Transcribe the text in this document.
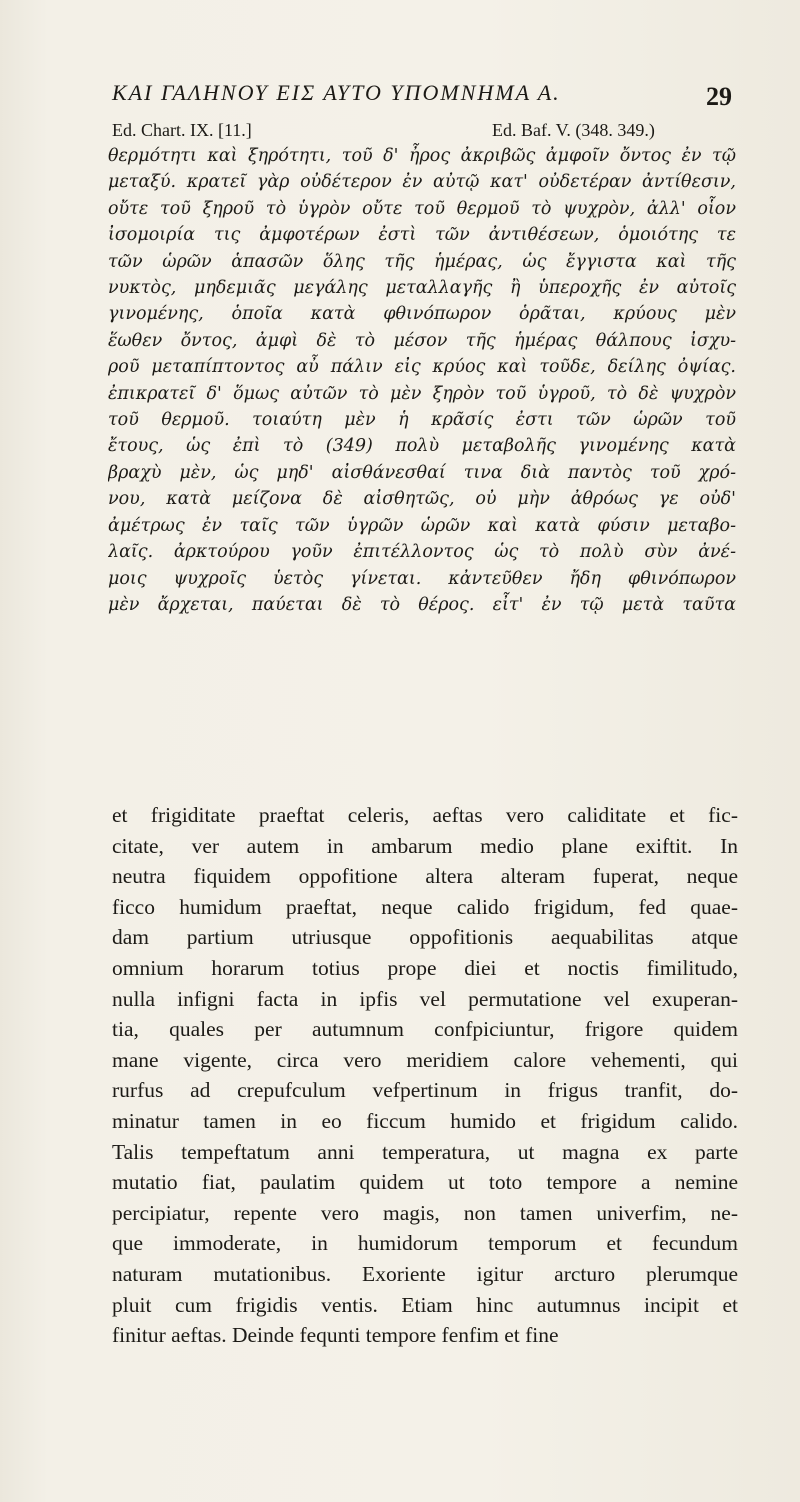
ΚΑΙ ΓΑΛΗΝΟΥ ΕΙΣ ΑΥΤΟ ΥΠΟΜΝΗΜΑ Α.	29
Ed. Chart. IX. [11.]	Ed. Baf. V. (348. 349.)
θερμότητι καὶ ξηρότητι, τοῦ δ' ἦρος ἀκριβῶς ἀμφοῖν ὄντος ἐν τῷ
μεταξύ. κρατεῖ γὰρ οὐδέτερον ἐν αὐτῷ κατ' οὐδετέραν ἀντίθεσιν,
οὔτε τοῦ ξηροῦ τὸ ὑγρὸν οὔτε τοῦ θερμοῦ τὸ ψυχρὸν, ἀλλ' οἷον
ἰσομοιρία τις ἀμφοτέρων ἐστὶ τῶν ἀντιθέσεων, ὁμοιότης τε
τῶν ὡρῶν ἁπασῶν ὅλης τῆς ἡμέρας, ὡς ἔγγιστα καὶ τῆς
νυκτὸς, μηδεμιᾶς μεγάλης μεταλλαγῆς ἢ ὑπεροχῆς ἐν αὐτοῖς
γινομένης, ὁποῖα κατὰ φθινόπωρον ὁρᾶται, κρύους μὲν
ἕωθεν ὄντος, ἀμφὶ δὲ τὸ μέσον τῆς ἡμέρας θάλπους ἰσχυ-
ροῦ μεταπίπτοντος αὖ πάλιν εἰς κρύος καὶ τοῦδε, δείλης ὀψίας.
ἐπικρατεῖ δ' ὅμως αὐτῶν τὸ μὲν ξηρὸν τοῦ ὑγροῦ, τὸ δὲ ψυχρὸν
τοῦ θερμοῦ. τοιαύτη μὲν ἡ κρᾶσίς ἐστι τῶν ὡρῶν τοῦ
ἔτους, ὡς ἐπὶ τὸ (349) πολὺ μεταβολῆς γινομένης κατὰ
βραχὺ μὲν, ὡς μηδ' αἰσθάνεσθαί τινα διὰ παντὸς τοῦ χρό-
νου, κατὰ μείζονα δὲ αἰσθητῶς, οὐ μὴν ἀθρόως γε οὐδ'
ἀμέτρως ἐν ταῖς τῶν ὑγρῶν ὡρῶν καὶ κατὰ φύσιν μεταβο-
λαῖς. ἀρκτούρου γοῦν ἐπιτέλλοντος ὡς τὸ πολὺ σὺν ἀνέ-
μοις ψυχροῖς ὑετὸς γίνεται. κἀντεῦθεν ἤδη φθινόπωρον
μὲν ἄρχεται, παύεται δὲ τὸ θέρος. εἶτ' ἐν τῷ μετὰ ταῦτα
et frigiditate praeftat celeris, aeftas vero caliditate et fic-
citate, ver autem in ambarum medio plane exiftit. In
neutra fiquidem oppofitione altera alteram fuperat, neque
ficco humidum praeftat, neque calido frigidum, fed quae-
dam partium utriusque oppofitionis aequabilitas atque
omnium horarum totius prope diei et noctis fimilitudo,
nulla infigni facta in ipfis vel permutatione vel exuperan-
tia, quales per autumnum confpiciuntur, frigore quidem
mane vigente, circa vero meridiem calore vehementi, qui
rurfus ad crepufculum vefpertinum in frigus tranfit, do-
minatur tamen in eo ficcum humido et frigidum calido.
Talis tempeftatum anni temperatura, ut magna ex parte
mutatio fiat, paulatim quidem ut toto tempore a nemine
percipiatur, repente vero magis, non tamen univerfim, ne-
que immoderate, in humidorum temporum et fecundum
naturam mutationibus. Exoriente igitur arcturo plerumque
pluit cum frigidis ventis. Etiam hinc autumnus incipit et
finitur aeftas. Deinde fequnti tempore fenfim et fine
